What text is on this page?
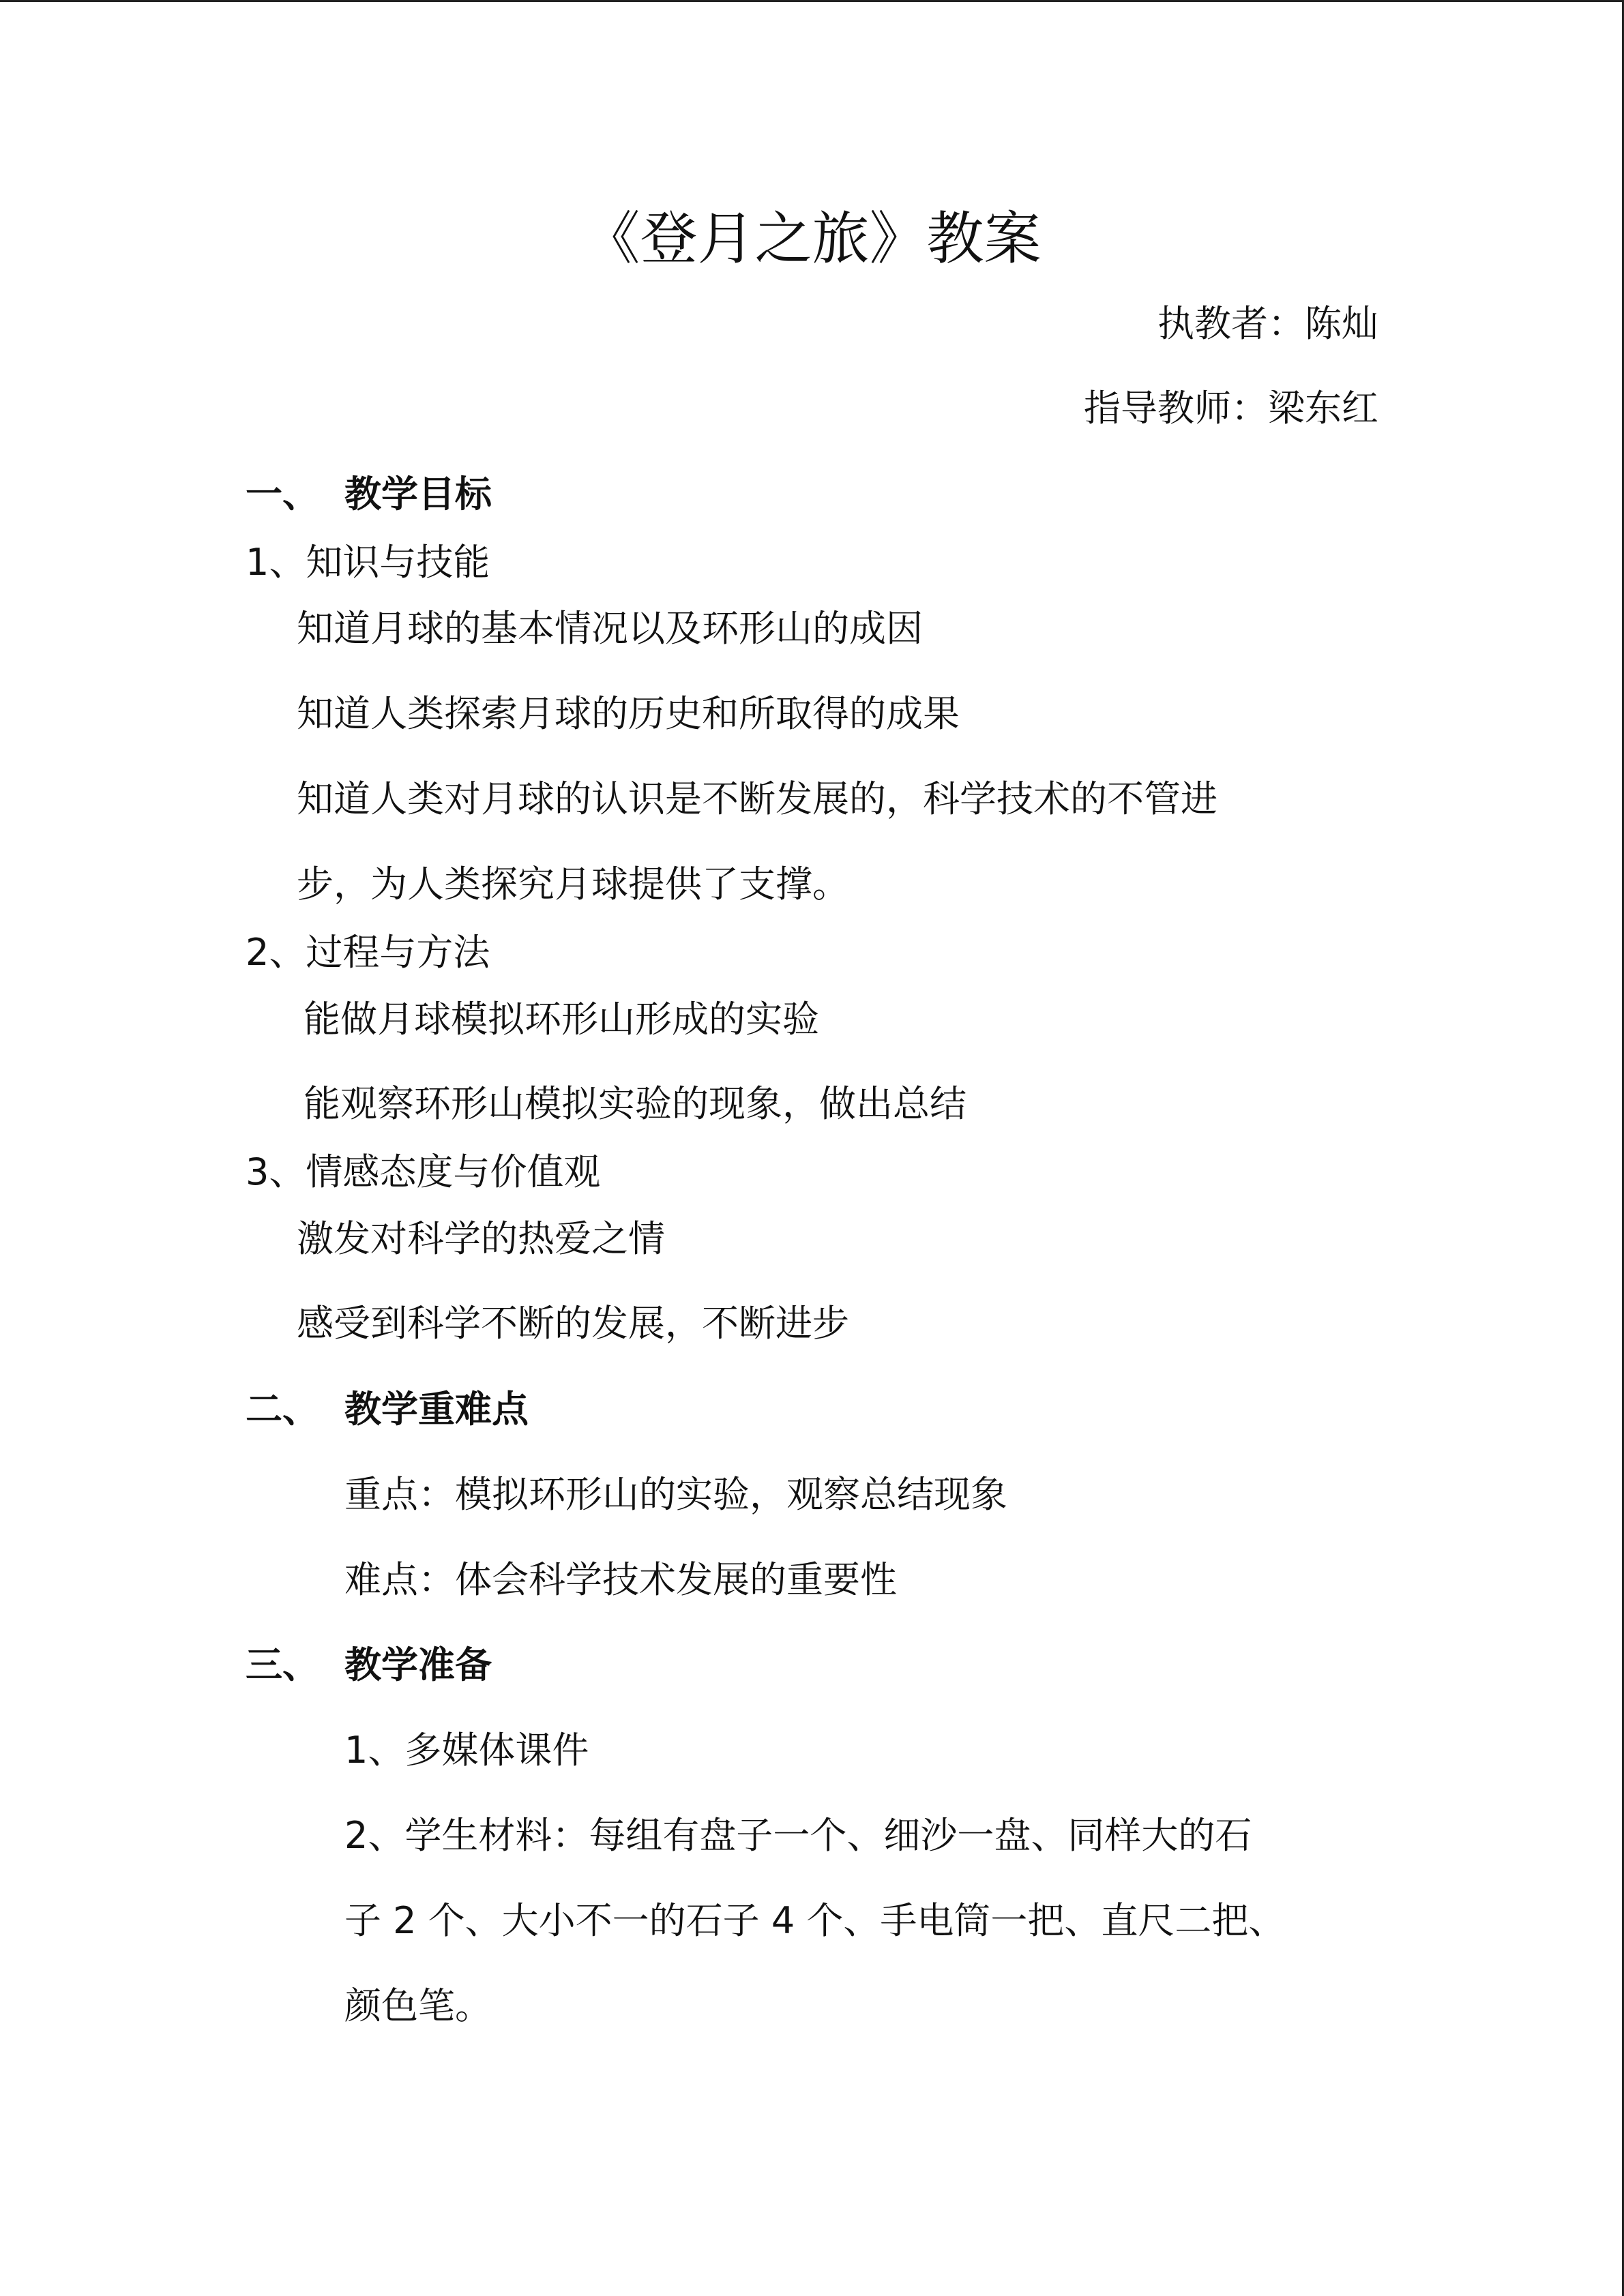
《登月之旅》教案
执教者：陈灿
指导教师：梁东红
一、 教学目标
1、知识与技能
知道月球的基本情况以及环形山的成因
知道人类探索月球的历史和所取得的成果
知道人类对月球的认识是不断发展的，科学技术的不管进
步，为人类探究月球提供了支撑。
2、过程与方法
能做月球模拟环形山形成的实验
能观察环形山模拟实验的现象，做出总结
3、情感态度与价值观
激发对科学的热爱之情
感受到科学不断的发展，不断进步
二、 教学重难点
重点：模拟环形山的实验，观察总结现象
难点：体会科学技术发展的重要性
三、 教学准备
1、多媒体课件
2、学生材料：每组有盘子一个、细沙一盘、同样大的石
子 2 个、大小不一的石子 4 个、手电筒一把、直尺二把、
颜色笔。
